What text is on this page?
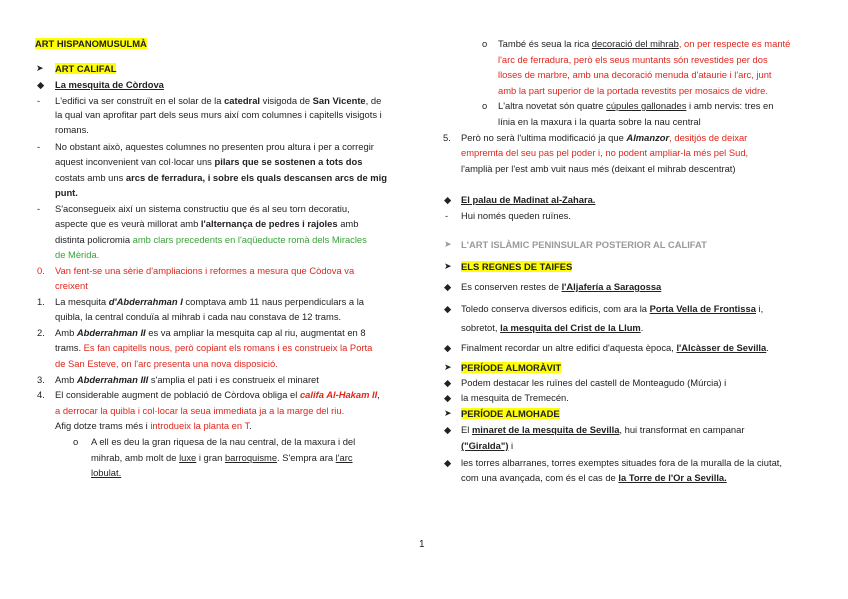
ART HISPANOMUSULMÀ
➤ ART CALIFAL
◆ La mesquita de Còrdova
- L'edifici va ser construït en el solar de la catedral visigoda de San Vicente, de
la qual van aprofitar part dels seus murs així com columnes i capitells visigots i
romans.
- No obstant això, aquestes columnes no presenten prou altura i per a corregir
aquest inconvenient van col·locar uns pilars que se sostenen a tots dos
costats amb uns arcs de ferradura, i sobre els quals descansen arcs de mig
punt.
- S'aconsegueix així un sistema constructiu que és al seu torn decoratiu,
aspecte que es veurà millorat amb l'alternança de pedres i rajoles amb
distinta policromia amb clars precedents en l'aqüeducte romà dels Miracles
de Mèrida.
0. Van fent-se una sèrie d'ampliacions i reformes a mesura que Còdova va
creixent
1. La mesquita d'Abderrahman I comptava amb 11 naus perpendiculars a la
quibla, la central conduïa al mihrab i cada nau constava de 12 trams.
2. Amb Abderrahman II es va ampliar la mesquita cap al riu, augmentat en 8
trams. Es fan capitells nous, però copiant els romans i es construeix la Porta
de San Esteve, on l'arc presenta una nova disposició.
3. Amb Abderrahman III s'amplia el pati i es construeix el minaret
4. El considerable augment de població de Còrdova obliga el califa Al-Hakam II,
a derrocar la quibla i col·locar la seua immediata ja a la marge del riu.
Afig dotze trams més i introdueix la planta en T.
o A ell es deu la gran riquesa de la nau central, de la maxura i del
mihrab, amb molt de luxe i gran barroquisme. S'empra ara l'arc
lobulat.
o També és seua la rica decoració del mihrab, on per respecte es manté
l'arc de ferradura, però els seus muntants són revestides per dos
lloses de marbre, amb una decoració menuda d'ataurie i l'arc, junt
amb la part superior de la portada revestits per mosaics de vidre.
o L'altra novetat són quatre cúpules gallonades i amb nervis: tres en
línia en la maxura i la quarta sobre la nau central
5. Però no serà l'ultima modificació ja que Almanzor, desitjós de deixar
empremta del seu pas pel poder i, no podent ampliar-la més pel Sud,
l'amplià per l'est amb vuit naus més (deixant el mihrab descentrat)
◆ El palau de Madinat al-Zahara.
- Hui només queden ruïnes.
➤ L'ART ISLÀMIC PENINSULAR POSTERIOR AL CALIFAT
➤ ELS REGNES DE TAIFES
◆ Es conserven restes de l'Aljafería a Saragossa
◆ Toledo conserva diversos edificis, com ara la Porta Vella de Frontissa i,
sobretot, la mesquita del Crist de la Llum.
◆ Finalment recordar un altre edifici d'aquesta època, l'Alcàsser de Sevilla.
➤ PERÍODE ALMORÀVIT
◆ Podem destacar les ruïnes del castell de Monteagudo (Múrcia) i
◆ la mesquita de Tremecén.
➤ PERÍODE ALMOHADE
◆ El minaret de la mesquita de Sevilla, hui transformat en campanar
("Giralda") i
◆ les torres albarranes, torres exemptes situades fora de la muralla de la ciutat,
com una avançada, com és el cas de la Torre de l'Or a Sevilla.
1
